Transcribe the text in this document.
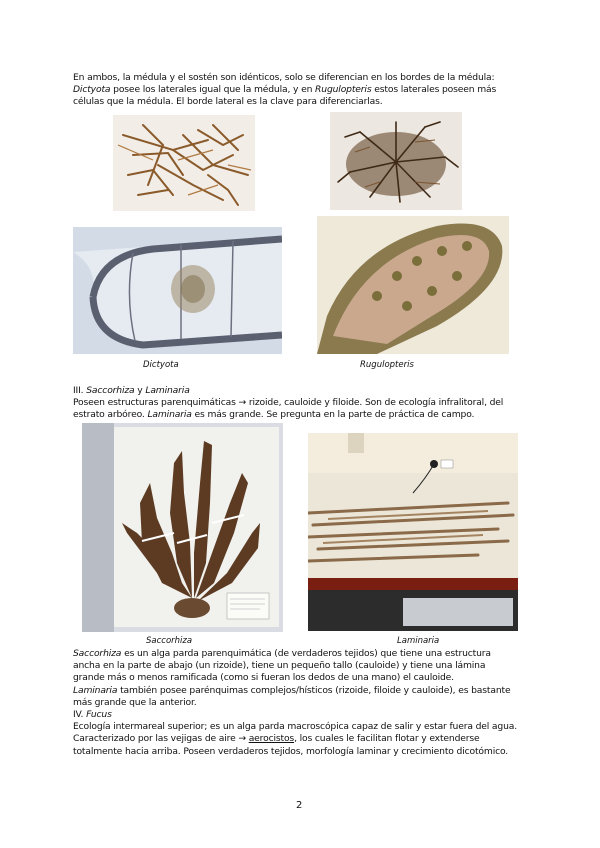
En ambos, la médula y el sostén son idénticos, solo se diferencian en los bordes de la médula:

Dictyota posee los laterales igual que la médula, y en Rugulopteris estos laterales poseen más

células que la médula. El borde lateral es la clave para diferenciarlas.

Dictyota	Rugulopteris

III. Saccorhiza y Laminaria

Poseen estructuras parenquimáticas → rizoide, cauloide y filoide. Son de ecología infralitoral, del

estrato arbóreo. Laminaria es más grande. Se pregunta en la parte de práctica de campo.

Saccorhiza	Laminaria

Saccorhiza es un alga parda parenquimática (de verdaderos tejidos) que tiene una estructura

ancha en la parte de abajo (un rizoide), tiene un pequeño tallo (cauloide) y tiene una lámina

grande más o menos ramificada (como si fueran los dedos de una mano) el cauloide.

Laminaria también posee parénquimas complejos/hísticos (rizoide, filoide y cauloide), es bastante

más grande que la anterior.

IV. Fucus

Ecología intermareal superior; es un alga parda macroscópica capaz de salir y estar fuera del agua.

Caracterizado por las vejigas de aire → aerocistos, los cuales le facilitan flotar y extenderse

totalmente hacia arriba. Poseen verdaderos tejidos, morfología laminar y crecimiento dicotómico.

2
